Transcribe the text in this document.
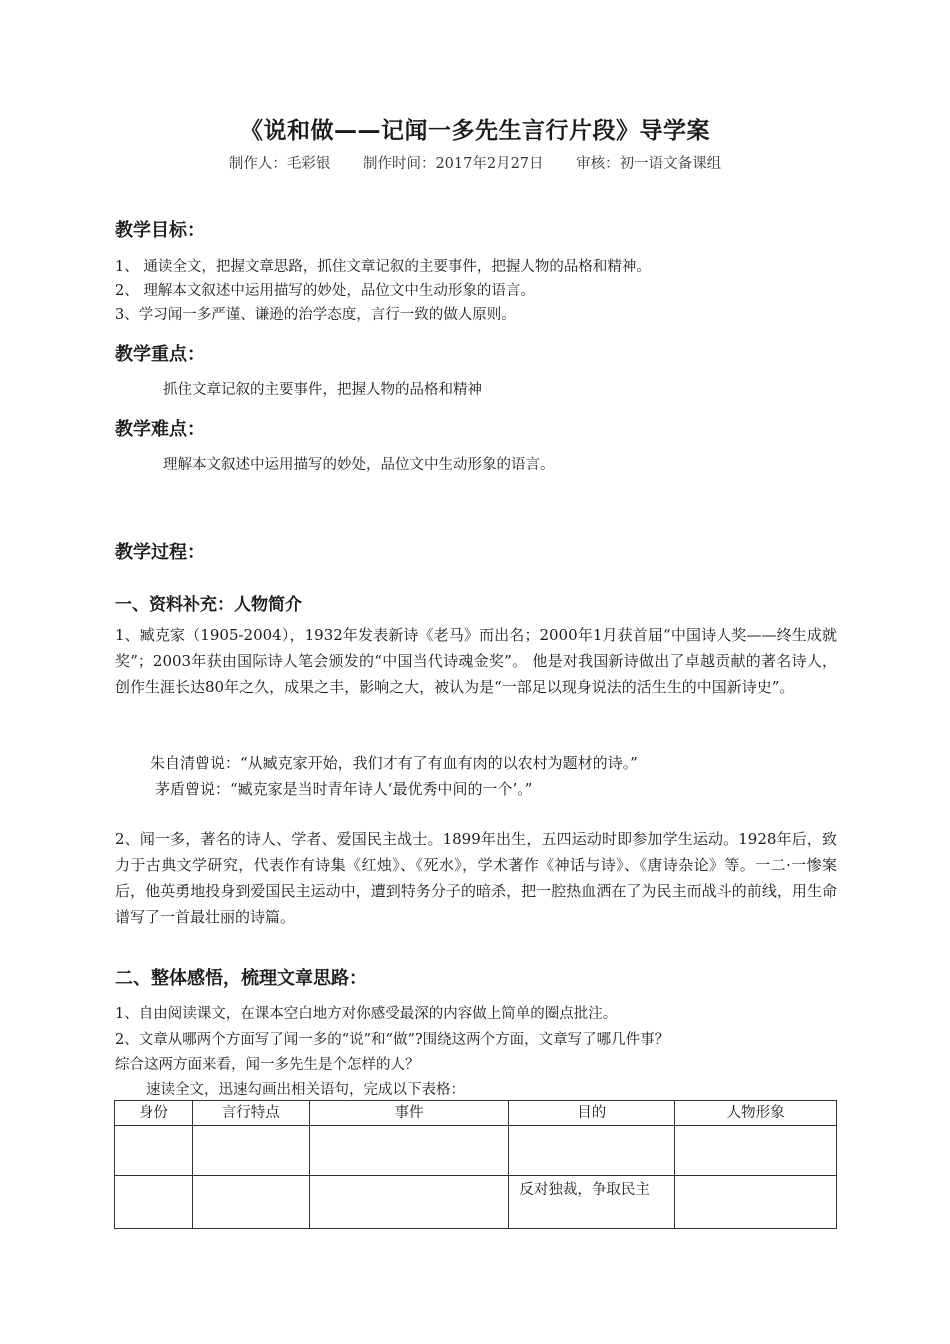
《说和做——记闻一多先生言行片段》导学案
制作人：毛彩银 制作时间：2017年2月27日 审核：初一语文备课组
教学目标：
1、 通读全文，把握文章思路，抓住文章记叙的主要事件，把握人物的品格和精神。
2、 理解本文叙述中运用描写的妙处，品位文中生动形象的语言。
3、学习闻一多严谨、谦逊的治学态度，言行一致的做人原则。
教学重点：
抓住文章记叙的主要事件，把握人物的品格和精神
教学难点：
理解本文叙述中运用描写的妙处，品位文中生动形象的语言。
教学过程：
一、资料补充：人物简介
1、臧克家（1905-2004），1932年发表新诗《老马》而出名；2000年1月获首届“中国诗人奖——终生成就奖”；2003年获由国际诗人笔会颁发的“中国当代诗魂金奖”。 他是对我国新诗做出了卓越贡献的著名诗人，创作生涯长达80年之久，成果之丰，影响之大，被认为是“一部足以现身说法的活生生的中国新诗史”。
朱自清曾说：“从臧克家开始，我们才有了有血有肉的以农村为题材的诗。”
茅盾曾说：“臧克家是当时青年诗人‘最优秀中间的一个’。”
2、闻一多，著名的诗人、学者、爱国民主战士。1899年出生，五四运动时即参加学生运动。1928年后，致力于古典文学研究，代表作有诗集《红烛》、《死水》，学术著作《神话与诗》、《唐诗杂论》等。一二·一惨案后，他英勇地投身到爱国民主运动中，遭到特务分子的暗杀，把一腔热血洒在了为民主而战斗的前线，用生命谱写了一首最壮丽的诗篇。
二、整体感悟，梳理文章思路：
1、自由阅读课文，在课本空白地方对你感受最深的内容做上简单的圈点批注。
2、文章从哪两个方面写了闻一多的“说”和“做”?围绕这两个方面，文章写了哪几件事？
综合这两方面来看，闻一多先生是个怎样的人？
速读全文，迅速勾画出相关语句，完成以下表格：
身份	言行特点	事件	目的	人物形象

			反对独裁，争取民主	
